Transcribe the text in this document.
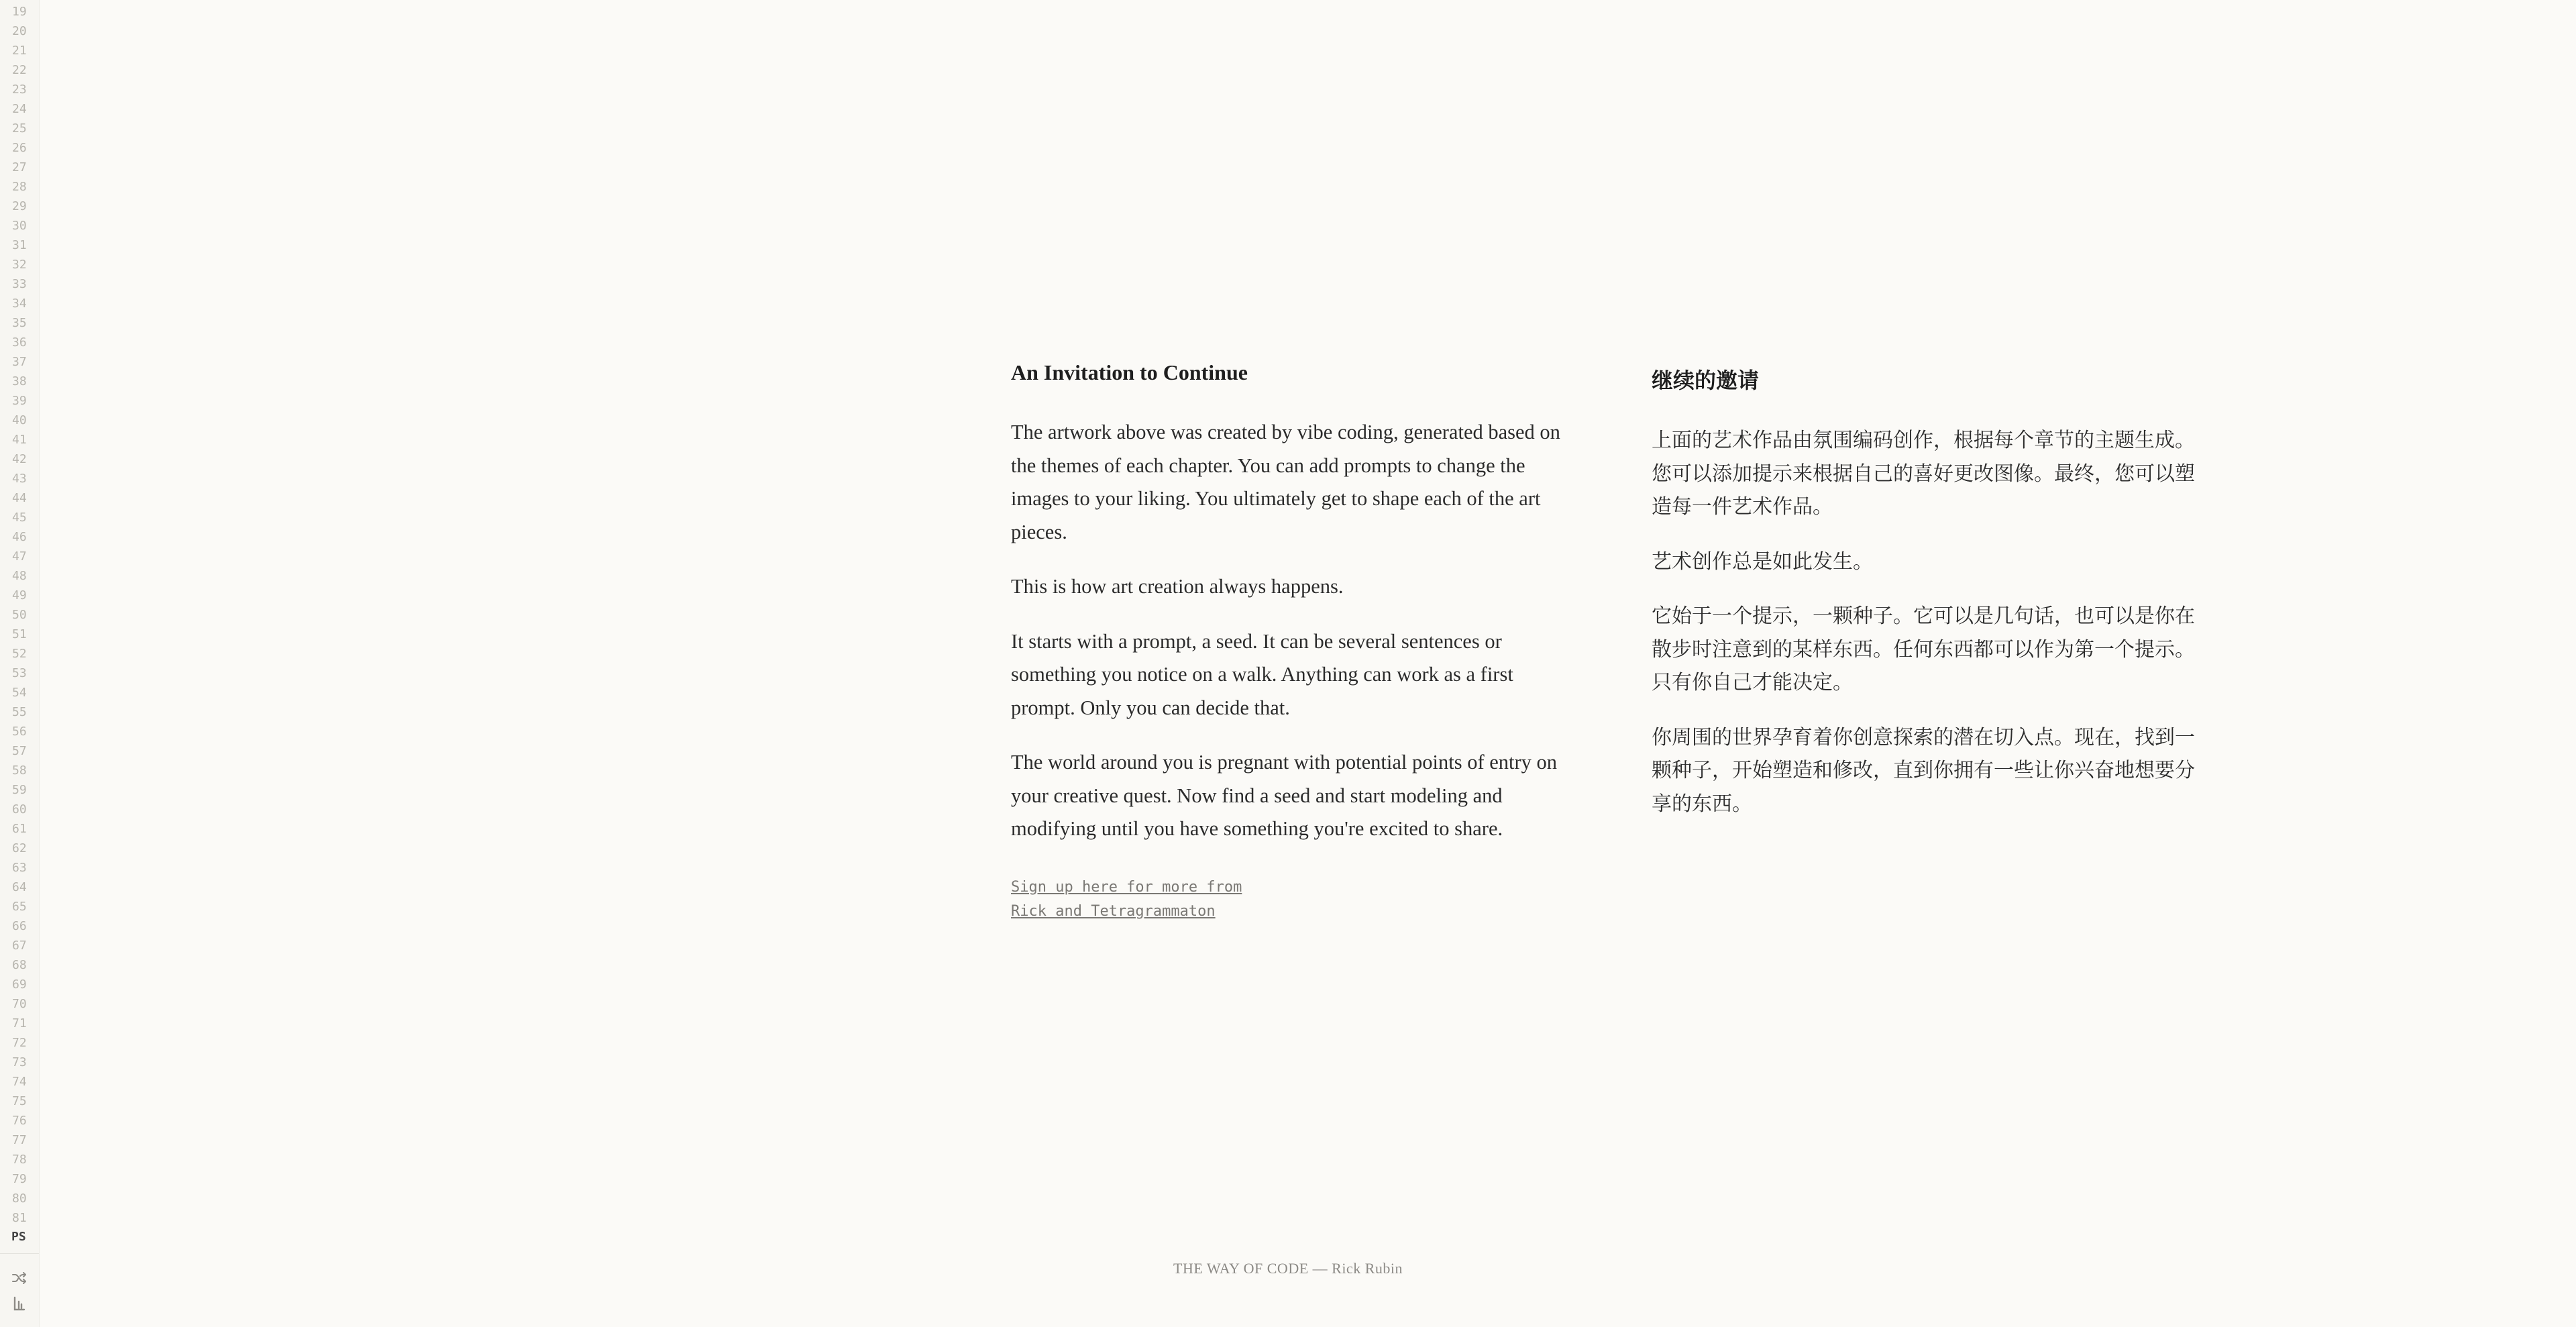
19
20
21
22
23
24
25
26
27
28
29
30
31
32
33
34
35
36
37
38
39
40
41
42
43
44
45
46
47
48
49
50
51
52
53
54
55
56
57
58
59
60
61
62
63
64
65
66
67
68
69
70
71
72
73
74
75
76
77
78
79
80
81
PS
An Invitation to Continue

The artwork above was created by vibe coding, generated based on the themes of each chapter. You can add prompts to change the images to your liking. You ultimately get to shape each of the art pieces.

This is how art creation always happens.

It starts with a prompt, a seed. It can be several sentences or something you notice on a walk. Anything can work as a first prompt. Only you can decide that.

The world around you is pregnant with potential points of entry on your creative quest. Now find a seed and start modeling and modifying until you have something you're excited to share.

Sign up here for more from
Rick and Tetragrammaton
继续的邀请

上面的艺术作品由氛围编码创作，根据每个章节的主题生成。您可以添加提示来根据自己的喜好更改图像。最终，您可以塑造每一件艺术作品。

艺术创作总是如此发生。

它始于一个提示，一颗种子。它可以是几句话，也可以是你在散步时注意到的某样东西。任何东西都可以作为第一个提示。只有你自己才能决定。

你周围的世界孕育着你创意探索的潜在切入点。现在，找到一颗种子，开始塑造和修改，直到你拥有一些让你兴奋地想要分享的东西。

THE WAY OF CODE — Rick Rubin
